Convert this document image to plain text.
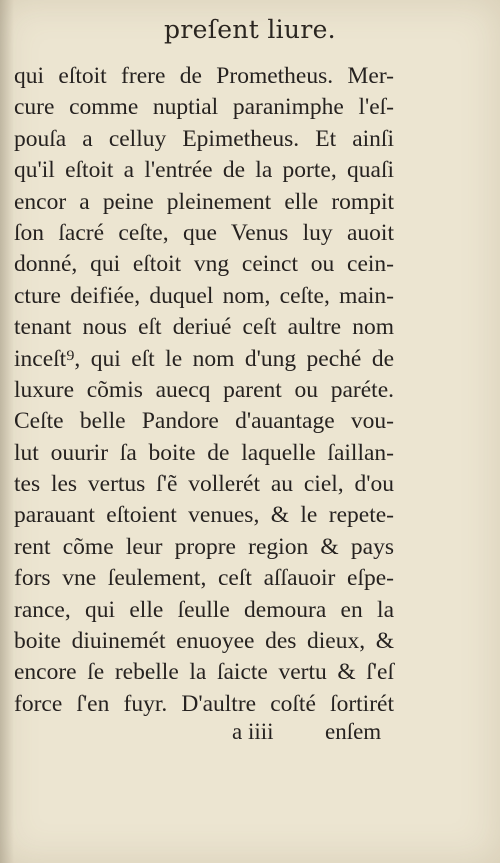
preſent liure.
qui eſtoit frere de Prometheus. Mer-
cure comme nuptial paranimphe l'eſ-
pouſa a celluy Epimetheus. Et ainſi
qu'il eſtoit a l'entrée de la porte, quaſi
encor a peine pleinement elle rompit
ſon ſacré ceſte, que Venus luy auoit
donné, qui eſtoit vng ceinct ou cein-
cture deifiée, duquel nom, ceſte, main-
tenant nous eſt deriué ceſt aultre nom
inceſt⁹, qui eſt le nom d'ung peché de
luxure cõmis auecq parent ou paréte.
Ceſte belle Pandore d'auantage vou-
lut ouurir ſa boite de laquelle ſaillan-
tes les vertus ſ'ẽ vollerét au ciel, d'ou
parauant eſtoient venues, & le repete-
rent cõme leur propre region & pays
fors vne ſeulement, ceſt aſſauoir eſpe-
rance, qui elle ſeulle demoura en la
boite diuinemét enuoyee des dieux, &
encore ſe rebelle la ſaicte vertu & ſ'eſ
force ſ'en fuyr. D'aultre coſté ſortirét
a iiii enſem
